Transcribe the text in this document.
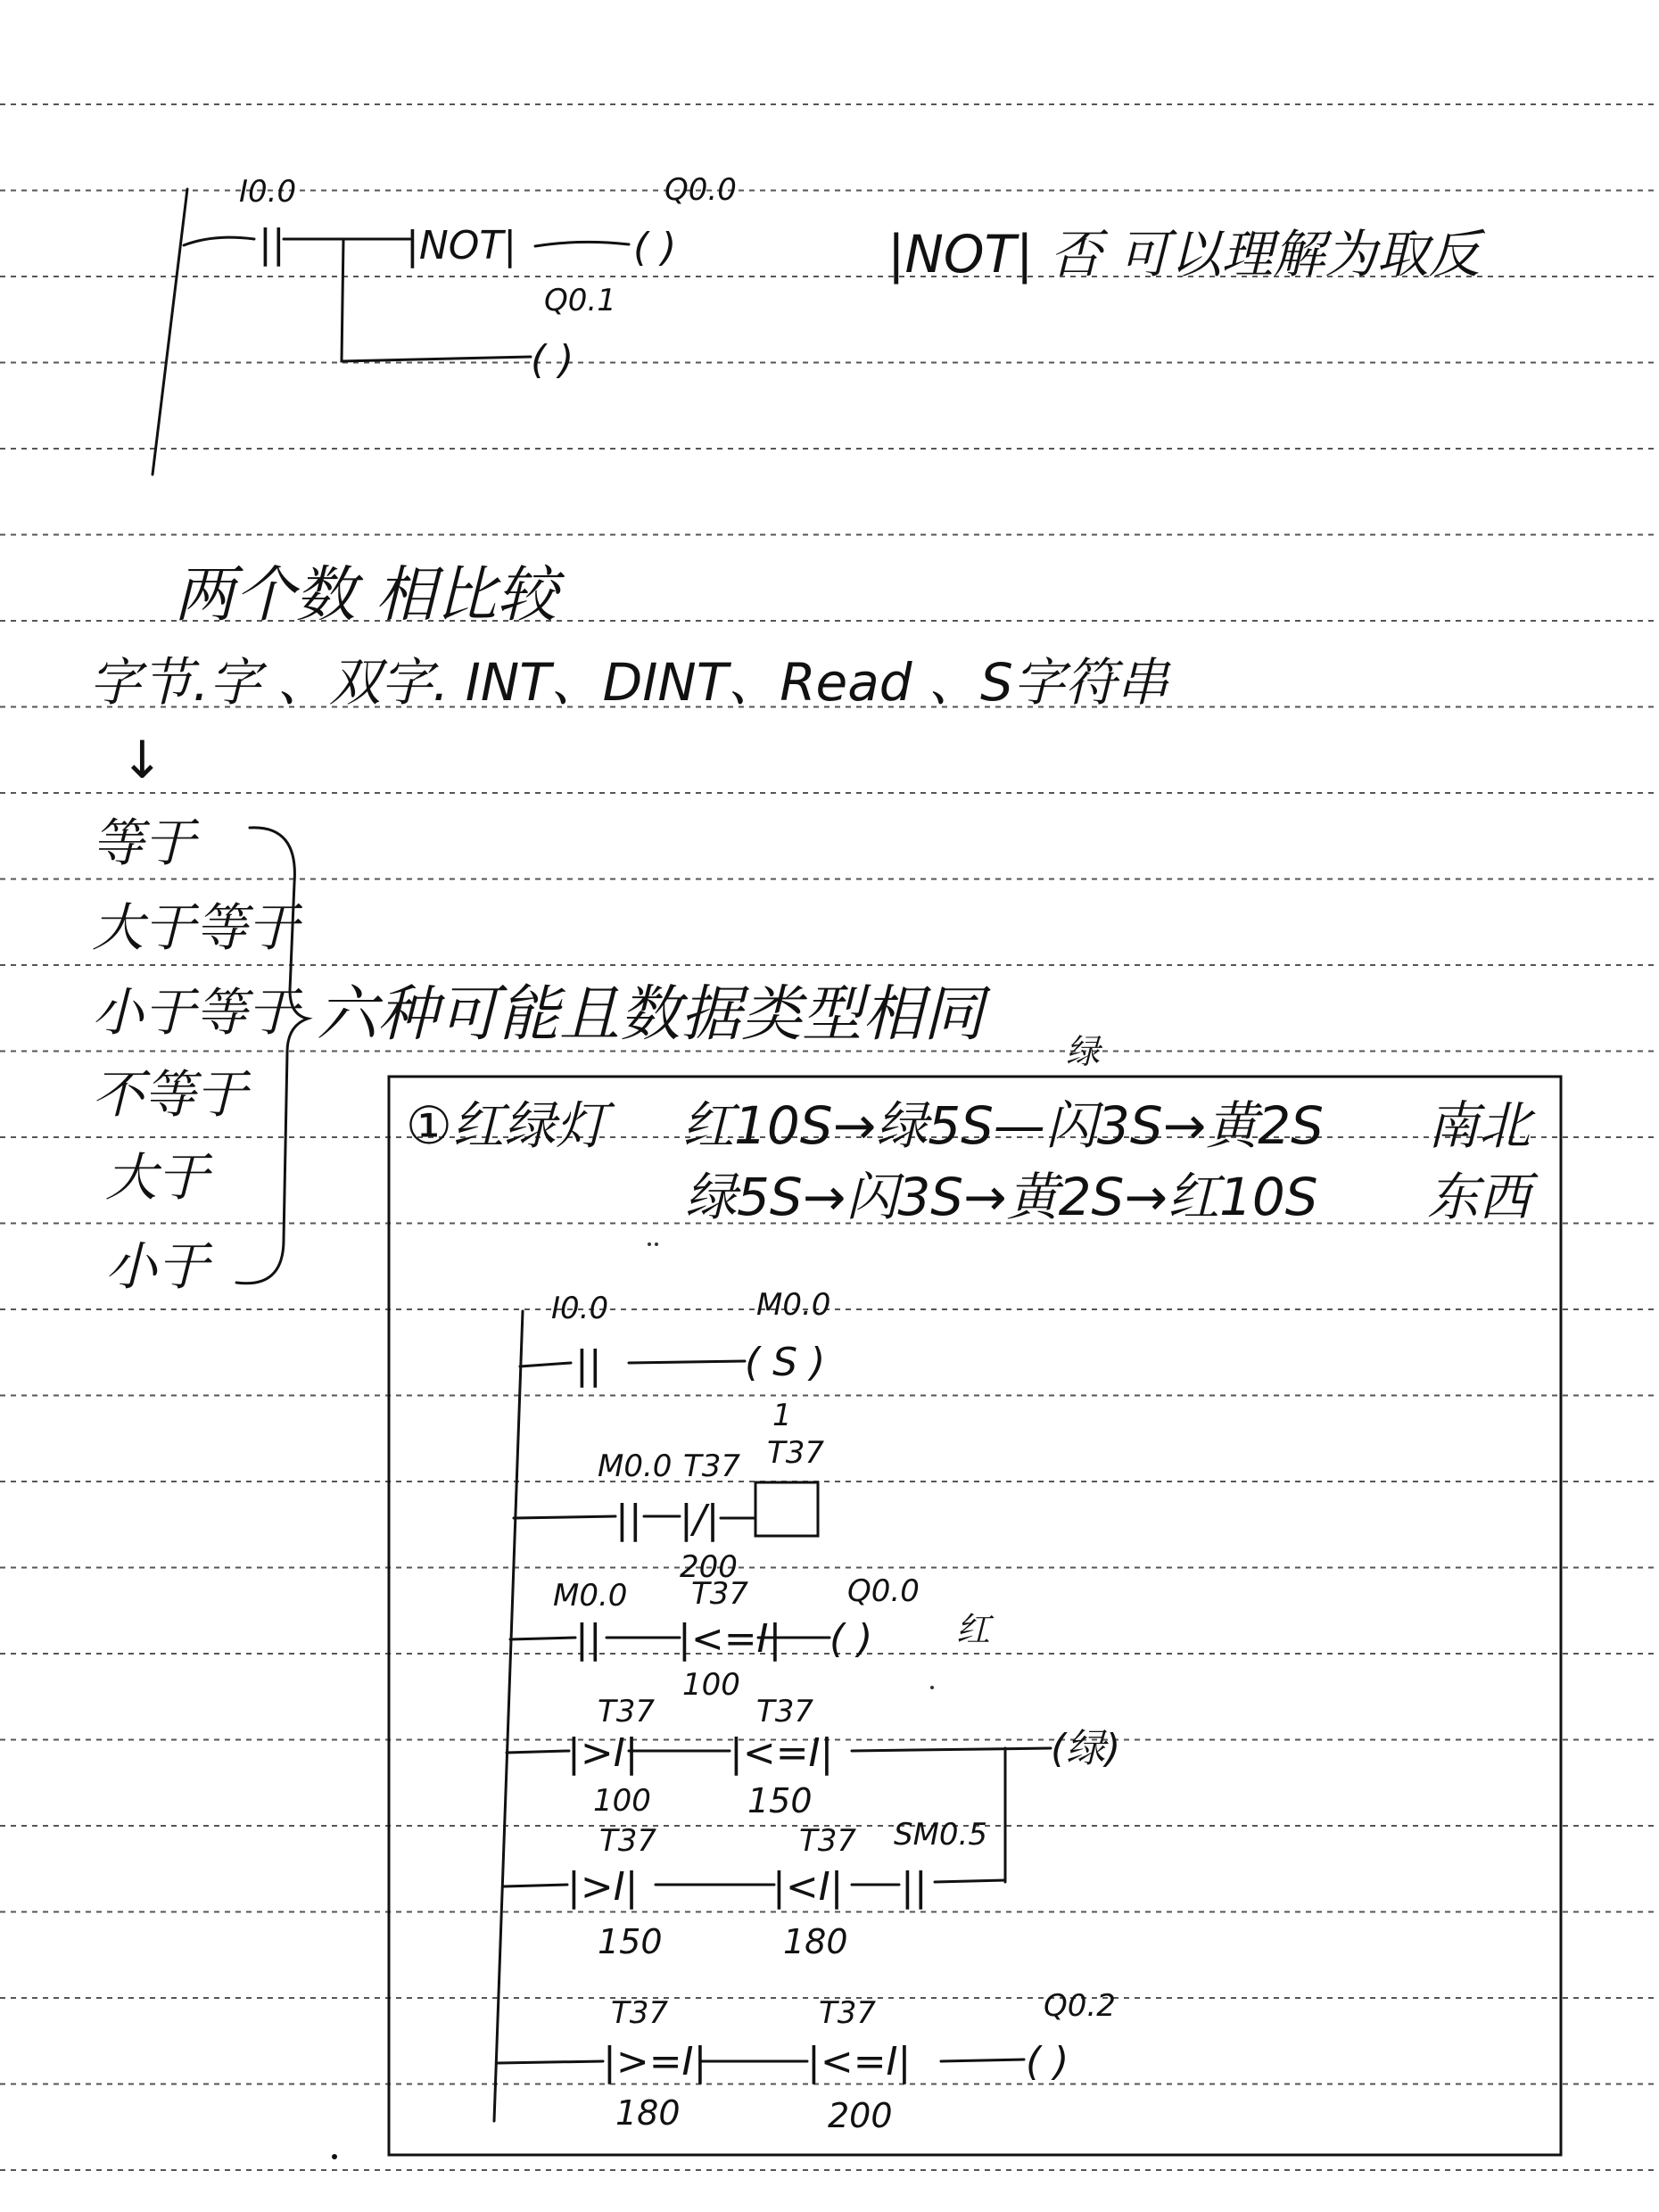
I0.0
||	|NOT|	( )
Q0.0
( )
Q0.1
|NOT| 否 可以理解为取反
两个数 相比较
字节.字 、双字. INT、DINT、Read 、S字符串
↓
等于
大于等于
小于等于
不等于
大于
小于
六种可能且数据类型相同
绿
①红绿灯 红10S→绿5S—闪3S→黄2S 南北
绿5S→闪3S→黄2S→红10S 东西
I0.0
||	( S )
M0.0
1
M0.0
||
T37
|/|
200
T37
M0.0
||
T37
|<=I|
100
( )
Q0.0
红
T37
|>I|
100
T37
|<=I|
150
(绿)
T37
|>I|
150
T37
|<I|
180
SM0.5
||
T37
|>=I|
180
T37
|<=I|
200
( )
Q0.2
